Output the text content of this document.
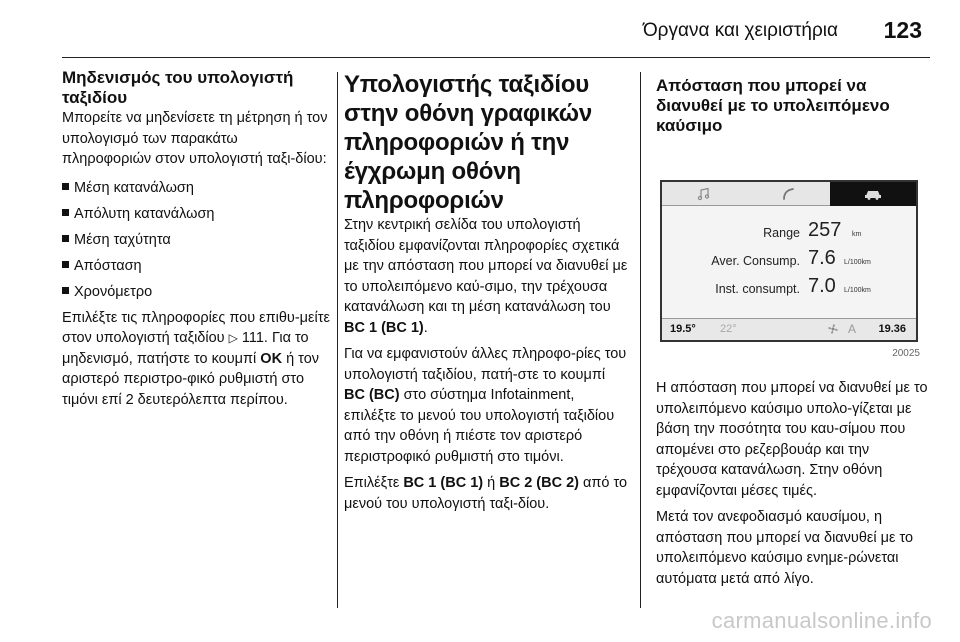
Όργανα και χειριστήρια 123
Μηδενισμός του υπολογιστή ταξιδίου
Μπορείτε να μηδενίσετε τη μέτρηση ή τον υπολογισμό των παρακάτω πληροφοριών στον υπολογιστή ταξι-δίου:
Μέση κατανάλωση
Απόλυτη κατανάλωση
Μέση ταχύτητα
Απόσταση
Χρονόμετρο
Επιλέξτε τις πληροφορίες που επιθυ-μείτε στον υπολογιστή ταξιδίου ▷ 111. Για το μηδενισμό, πατήστε το κουμπί OK ή τον αριστερό περιστρο-φικό ρυθμιστή στο τιμόνι επί 2 δευτερόλεπτα περίπου.
Υπολογιστής ταξιδίου στην οθόνη γραφικών πληροφοριών ή την έγχρωμη οθόνη πληροφοριών
Στην κεντρική σελίδα του υπολογιστή ταξιδίου εμφανίζονται πληροφορίες σχετικά με την απόσταση που μπορεί να διανυθεί με το υπολειπόμενο καύ-σιμο, την τρέχουσα κατανάλωση και τη μέση κατανάλωση του BC 1 (BC 1).
Για να εμφανιστούν άλλες πληροφο-ρίες του υπολογιστή ταξιδίου, πατή-στε το κουμπί BC (BC) στο σύστημα Infotainment, επιλέξτε το μενού του υπολογιστή ταξιδίου από την οθόνη ή πιέστε τον αριστερό περιστροφικό ρυθμιστή στο τιμόνι.
Επιλέξτε BC 1 (BC 1) ή BC 2 (BC 2) από το μενού του υπολογιστή ταξι-δίου.
Απόσταση που μπορεί να διανυθεί με το υπολειπόμενο καύσιμο
Range 257 km
Aver. Consump. 7.6 L/100km
Inst. consumpt. 7.0 L/100km
19.5° 22°	A 19.36
20025
Η απόσταση που μπορεί να διανυθεί με το υπολειπόμενο καύσιμο υπολο-γίζεται με βάση την ποσότητα του καυ-σίμου που απομένει στο ρεζερβουάρ και την τρέχουσα κατανάλωση. Στην οθόνη εμφανίζονται μέσες τιμές.
Μετά τον ανεφοδιασμό καυσίμου, η απόσταση που μπορεί να διανυθεί με το υπολειπόμενο καύσιμο ενημε-ρώνεται αυτόματα μετά από λίγο.
carmanualsonline.info
